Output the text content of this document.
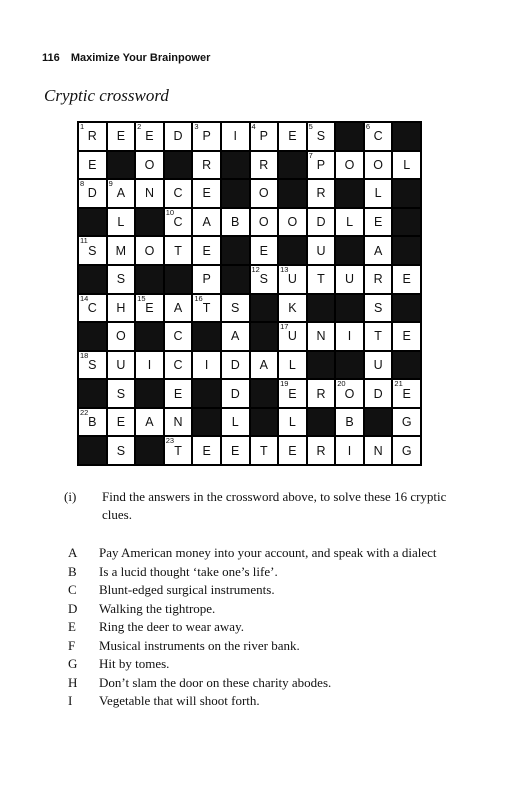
116 Maximize Your Brainpower
Cryptic crossword
1
R E
2
E D
3
P I
4
P E
5
S
6
C
E	O	R	R
7
P O O L
8
D
9
A N C E	O	R	L
L
10
C A B O O D L E
11
S M O T E	E	U	A
S	P
12
S
13
U T U R E
14
C H
15
E A
16
T S	K	S
O	C	A
17
U N I T E
18
S U I C I D A L	U
S	E	D
19
E R
20
O D
21
E
22
B E A N	L	L	B	G
S
23
T E E T E R I N G
(i) Find the answers in the crossword above, to solve these 16 cryptic clues.
A	Pay American money into your account, and speak with a dialect
B	Is a lucid thought ‘take one’s life’.
C	Blunt-edged surgical instruments.
D	Walking the tightrope.
E	Ring the deer to wear away.
F	Musical instruments on the river bank.
G	Hit by tomes.
H	Don’t slam the door on these charity abodes.
I	Vegetable that will shoot forth.
